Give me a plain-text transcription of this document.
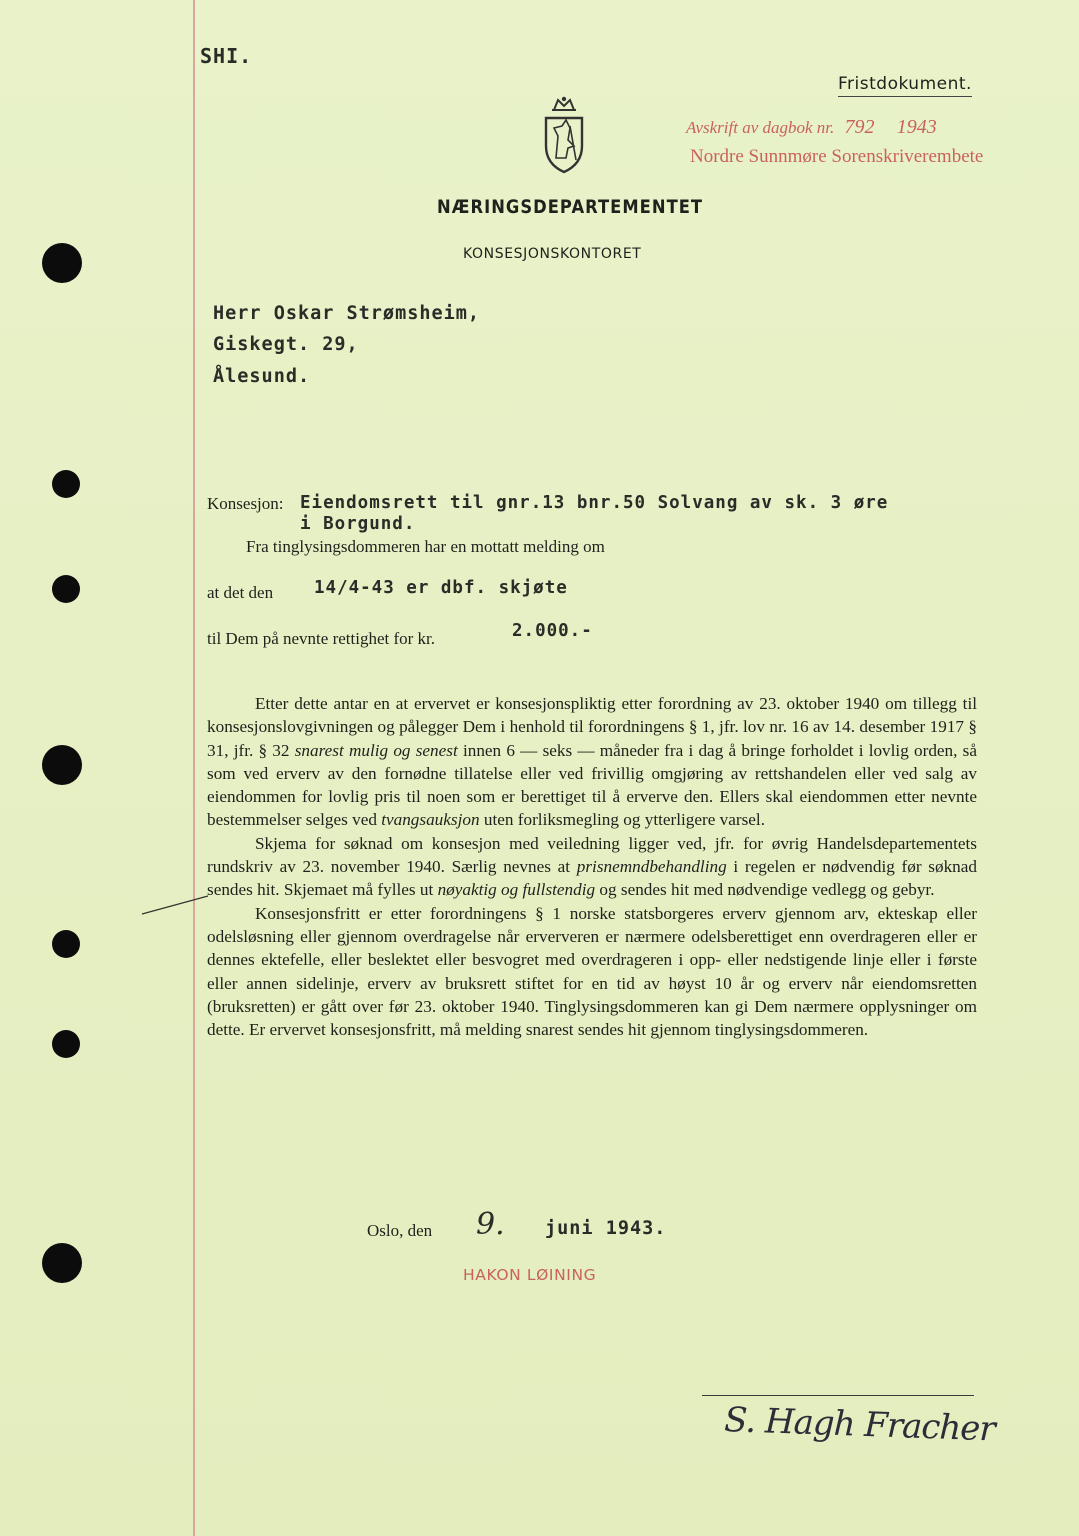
SHI.
Fristdokument.
Avskrift av dagbok nr. 792 1943
Nordre Sunnmøre Sorenskriverembete
NÆRINGSDEPARTEMENTET
KONSESJONSKONTORET
Herr Oskar Strømsheim,
Giskegt. 29,
Ålesund.
Konsesjon: Eiendomsrett til gnr.13 bnr.50 Solvang av sk. 3 øre
i Borgund.
Fra tinglysingsdommeren har en mottatt melding om
at det den 14/4-43 er dbf. skjøte
til Dem på nevnte rettighet for kr.	2.000.-

Etter dette antar en at ervervet er konsesjonspliktig etter forordning av 23. oktober 1940 om tillegg til konsesjonslovgivningen og pålegger Dem i henhold til forordningens § 1, jfr. lov nr. 16 av 14. desember 1917 § 31, jfr. § 32 snarest mulig og senest innen 6 — seks — måneder fra i dag å bringe forholdet i lovlig orden, så som ved erverv av den fornødne tillatelse eller ved frivillig omgjøring av rettshandelen eller ved salg av eiendommen for lovlig pris til noen som er berettiget til å erverve den. Ellers skal eiendommen etter nevnte bestemmelser selges ved tvangsauksjon uten forliksmegling og ytterligere varsel.

Skjema for søknad om konsesjon med veiledning ligger ved, jfr. for øvrig Handelsdepartementets rundskriv av 23. november 1940. Særlig nevnes at prisnemndbehandling i regelen er nødvendig før søknad sendes hit. Skjemaet må fylles ut nøyaktig og fullstendig og sendes hit med nødvendige vedlegg og gebyr.

Konsesjonsfritt er etter forordningens § 1 norske statsborgeres erverv gjennom arv, ekteskap eller odelsløsning eller gjennom overdragelse når erververen er nærmere odelsberettiget enn overdrageren eller er dennes ektefelle, eller beslektet eller besvogret med overdrageren i opp- eller nedstigende linje eller i første eller annen sidelinje, erverv av bruksrett stiftet for en tid av høyst 10 år og erverv når eiendomsretten (bruksretten) er gått over før 23. oktober 1940. Tinglysingsdommeren kan gi Dem nærmere opplysninger om dette. Er ervervet konsesjonsfritt, må melding snarest sendes hit gjennom tinglysingsdommeren.

Oslo, den 9. juni 1943.
HAKON LØINING
S. Hagh Fracher
